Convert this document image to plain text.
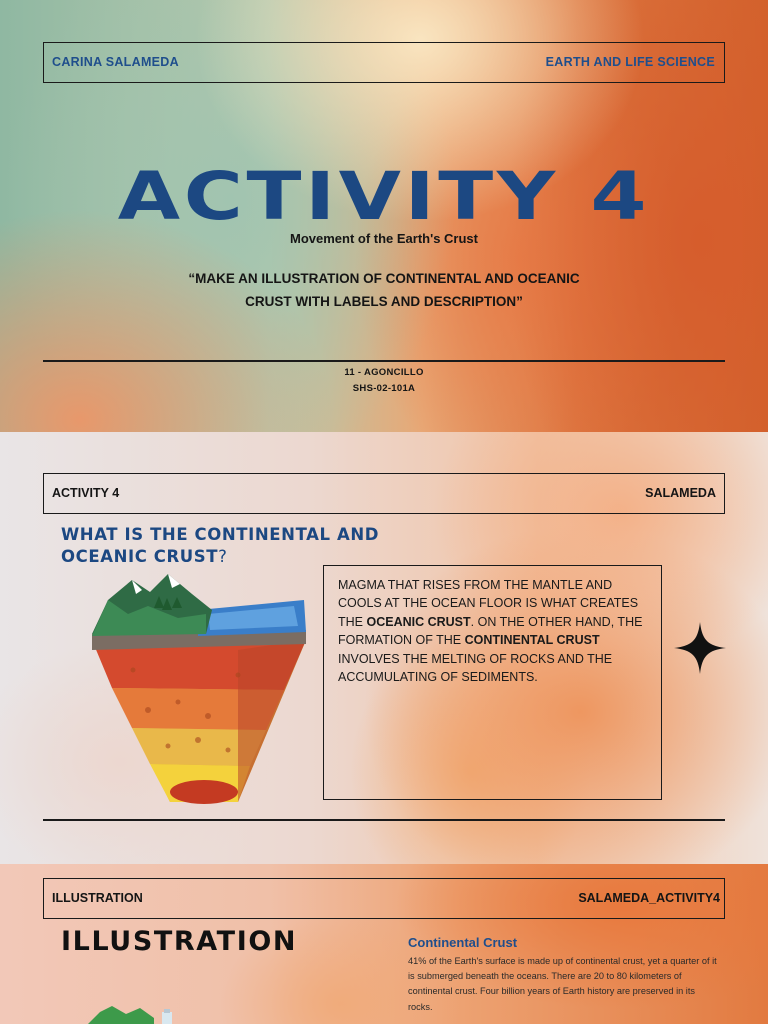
CARINA SALAMEDA	EARTH AND LIFE SCIENCE
ACTIVITY 4
Movement of the Earth's Crust
“MAKE AN ILLUSTRATION OF CONTINENTAL AND OCEANIC
CRUST WITH LABELS AND DESCRIPTION”
11 - AGONCILLO
SHS-02-101A
ACTIVITY 4	SALAMEDA
WHAT IS THE CONTINENTAL AND
OCEANIC CRUST?
MAGMA THAT RISES FROM THE MANTLE AND COOLS AT THE OCEAN FLOOR IS WHAT CREATES THE OCEANIC CRUST. ON THE OTHER HAND, THE FORMATION OF THE CONTINENTAL CRUST INVOLVES THE MELTING OF ROCKS AND THE ACCUMULATING OF SEDIMENTS.
ILLUSTRATION	SALAMEDA_ACTIVITY4
ILLUSTRATION	Continental Crust
41% of the Earth's surface is made up of continental crust, yet a quarter of it is submerged beneath the oceans. There are 20 to 80 kilometers of continental crust. Four billion years of Earth history are preserved in its rocks.
